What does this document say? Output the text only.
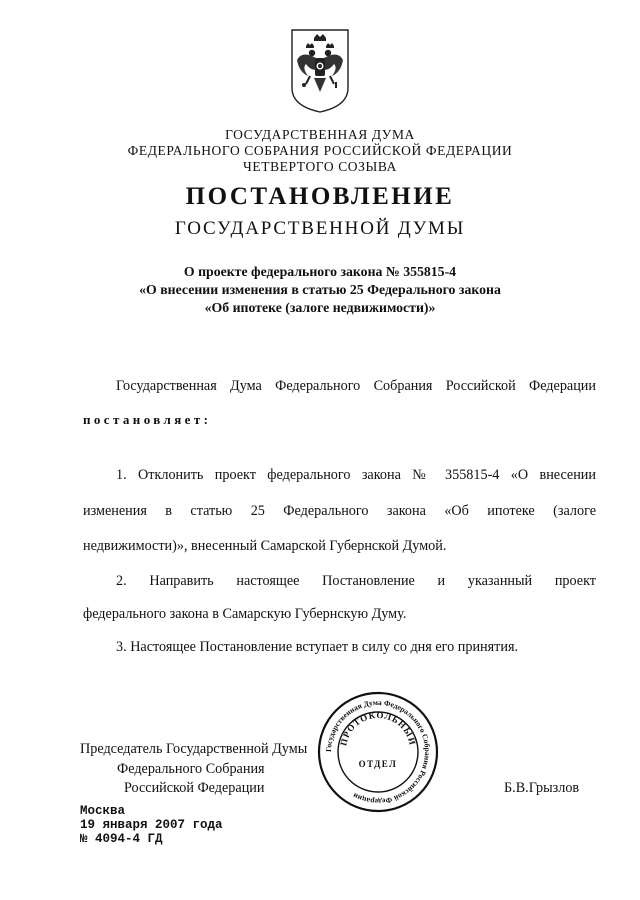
ГОСУДАРСТВЕННАЯ ДУМА
ФЕДЕРАЛЬНОГО СОБРАНИЯ РОССИЙСКОЙ ФЕДЕРАЦИИ
ЧЕТВЕРТОГО СОЗЫВА
ПОСТАНОВЛЕНИЕ
ГОСУДАРСТВЕННОЙ ДУМЫ
О проекте федерального закона № 355815-4
«О внесении изменения в статью 25 Федерального закона
«Об ипотеке (залоге недвижимости)»
Государственная Дума Федерального Собрания Российской Федерации
постановляет:
1. Отклонить проект федерального закона № 355815-4 «О внесении
изменения в статью 25 Федерального закона «Об ипотеке (залоге
недвижимости)», внесенный Самарской Губернской Думой.
2. Направить настоящее Постановление и указанный проект
федерального закона в Самарскую Губернскую Думу.
3. Настоящее Постановление вступает в силу со дня его принятия.
Председатель Государственной Думы
Федерального Собрания
Российской Федерации	Б.В.Грызлов
Государственная Дума Федерального Собрания Российской Федерации
ПРОТОКОЛЬНЫЙ
ОТДЕЛ
Москва
19 января 2007 года
№ 4094-4 ГД
